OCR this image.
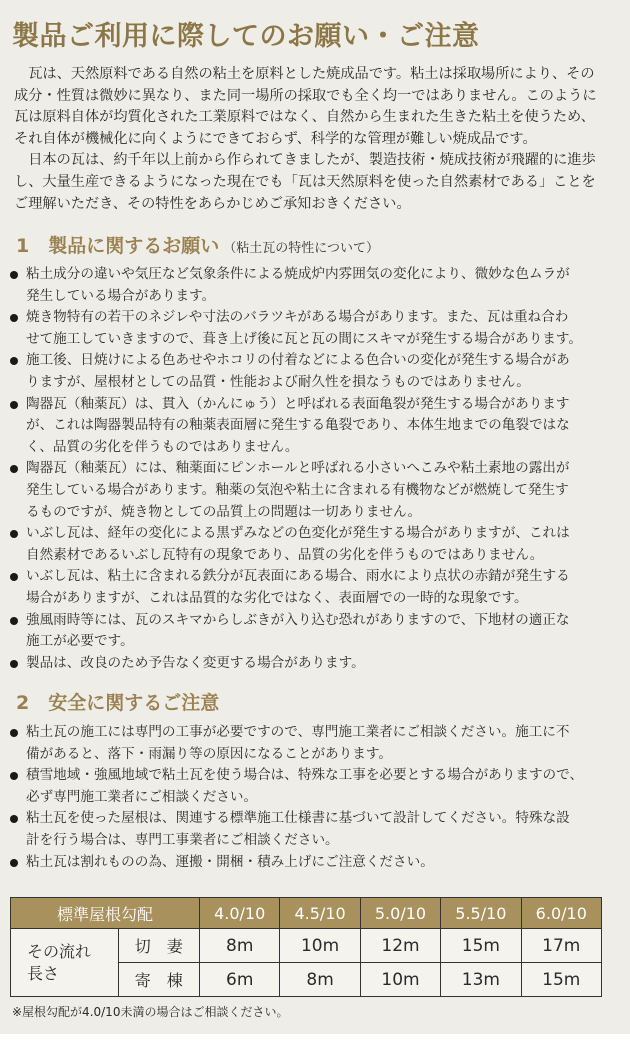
製品ご利用に際してのお願い・ご注意
　瓦は、天然原料である自然の粘土を原料とした焼成品です。粘土は採取場所により、その
成分・性質は微妙に異なり、また同一場所の採取でも全く均一ではありません。このように
瓦は原料自体が均質化された工業原料ではなく、自然から生まれた生きた粘土を使うため、
それ自体が機械化に向くようにできておらず、科学的な管理が難しい焼成品です。
　日本の瓦は、約千年以上前から作られてきましたが、製造技術・焼成技術が飛躍的に進歩
し、大量生産できるようになった現在でも「瓦は天然原料を使った自然素材である」ことを
ご理解いただき、その特性をあらかじめご承知おきください。
1　製品に関するお願い （粘土瓦の特性について）
粘土成分の違いや気圧など気象条件による焼成炉内雰囲気の変化により、微妙な色ムラが
発生している場合があります。
焼き物特有の若干のネジレや寸法のバラツキがある場合があります。また、瓦は重ね合わ
せて施工していきますので、葺き上げ後に瓦と瓦の間にスキマが発生する場合があります。
施工後、日焼けによる色あせやホコリの付着などによる色合いの変化が発生する場合があ
りますが、屋根材としての品質・性能および耐久性を損なうものではありません。
陶器瓦（釉薬瓦）は、貫入（かんにゅう）と呼ばれる表面亀裂が発生する場合があります
が、これは陶器製品特有の釉薬表面層に発生する亀裂であり、本体生地までの亀裂ではな
く、品質の劣化を伴うものではありません。
陶器瓦（釉薬瓦）には、釉薬面にピンホールと呼ばれる小さいへこみや粘土素地の露出が
発生している場合があります。釉薬の気泡や粘土に含まれる有機物などが燃焼して発生す
るものですが、焼き物としての品質上の問題は一切ありません。
いぶし瓦は、経年の変化による黒ずみなどの色変化が発生する場合がありますが、これは
自然素材であるいぶし瓦特有の現象であり、品質の劣化を伴うものではありません。
いぶし瓦は、粘土に含まれる鉄分が瓦表面にある場合、雨水により点状の赤錆が発生する
場合がありますが、これは品質的な劣化ではなく、表面層での一時的な現象です。
強風雨時等には、瓦のスキマからしぶきが入り込む恐れがありますので、下地材の適正な
施工が必要です。
製品は、改良のため予告なく変更する場合があります。
2　安全に関するご注意
粘土瓦の施工には専門の工事が必要ですので、専門施工業者にご相談ください。施工に不
備があると、落下・雨漏り等の原因になることがあります。
積雪地域・強風地域で粘土瓦を使う場合は、特殊な工事を必要とする場合がありますので、
必ず専門施工業者にご相談ください。
粘土瓦を使った屋根は、関連する標準施工仕様書に基づいて設計してください。特殊な設
計を行う場合は、専門工事業者にご相談ください。
粘土瓦は割れものの為、運搬・開梱・積み上げにご注意ください。
標準屋根勾配		4.0/10	4.5/10	5.0/10	5.5/10	6.0/10
その流れ長さ	切　妻	8m	10m	12m	15m	17m
	寄　棟	6m	8m	10m	13m	15m
※屋根勾配が4.0/10未満の場合はご相談ください。
